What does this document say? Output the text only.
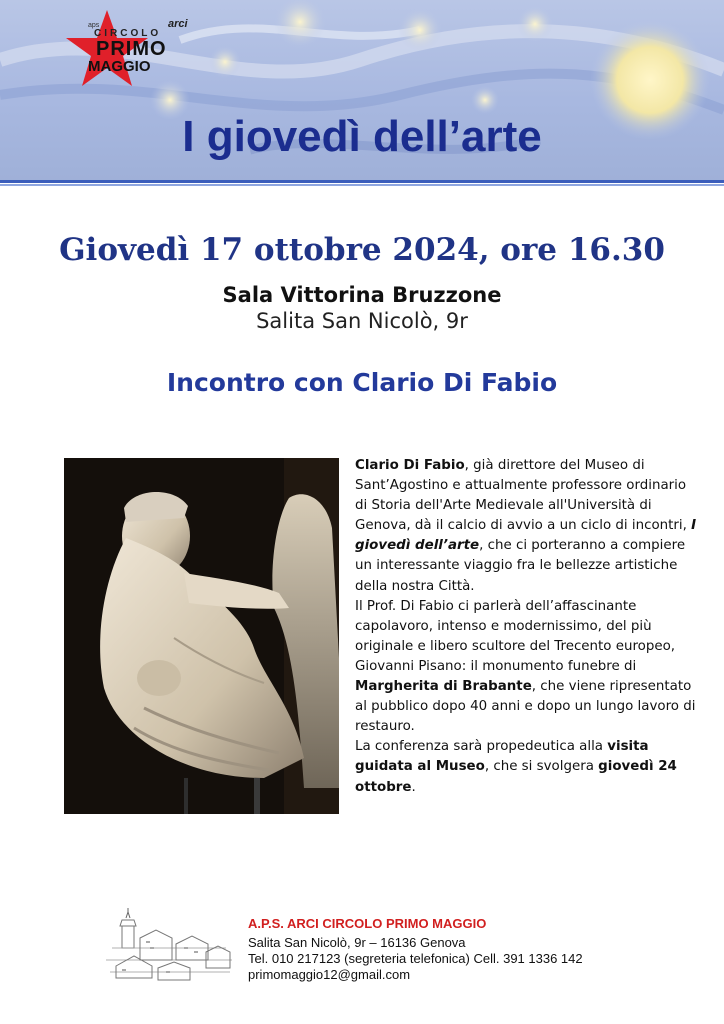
aps	arci
CIRCOLO
PRIMO
MAGGIO
I giovedì dell’arte
Giovedì 17 ottobre 2024, ore 16.30
Sala Vittorina Bruzzone
Salita San Nicolò, 9r
Incontro con Clario Di Fabio
Clario Di Fabio, già direttore del Museo di Sant’Agostino e attualmente professore ordinario di Storia dell'Arte Medievale all'Università di Genova, dà il calcio di avvio a un ciclo di incontri, I giovedì dell’arte, che ci porteranno a compiere un interessante viaggio fra le bellezze artistiche della nostra Città.
Il Prof. Di Fabio ci parlerà dell’affascinante capolavoro, intenso e modernissimo, del più originale e libero scultore del Trecento europeo, Giovanni Pisano: il monumento funebre di Margherita di Brabante, che viene ripresentato al pubblico dopo 40 anni e dopo un lungo lavoro di restauro.
La conferenza sarà propedeutica alla visita guidata al Museo, che si svolgera giovedì 24 ottobre.
A.P.S. ARCI CIRCOLO PRIMO MAGGIO
Salita San Nicolò, 9r – 16136 Genova
Tel. 010 217123 (segreteria telefonica) Cell. 391 1336 142
primomaggio12@gmail.com
